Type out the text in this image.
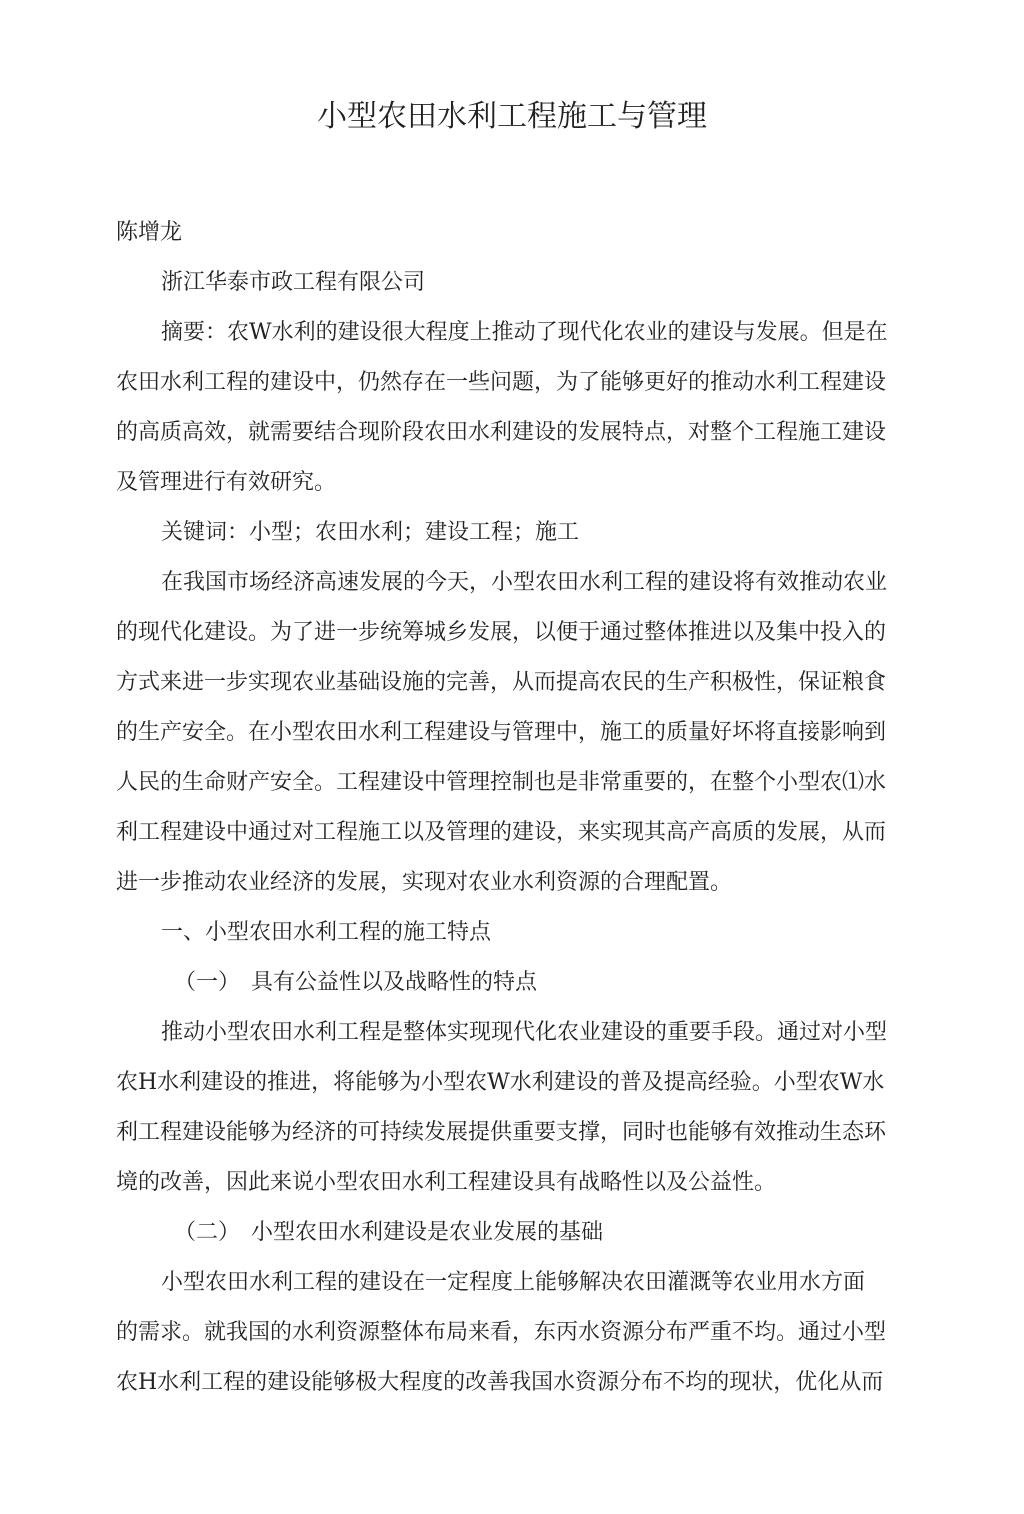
小型农田水利工程施工与管理

陈增龙

浙江华泰市政工程有限公司

摘要：农W水利的建设很大程度上推动了现代化农业的建设与发展。但是在

农田水利工程的建设中，仍然存在一些问题，为了能够更好的推动水利工程建设

的高质高效，就需要结合现阶段农田水利建设的发展特点，对整个工程施工建设

及管理进行有效研究。

关键词：小型；农田水利；建设工程；施工

在我国市场经济高速发展的今天，小型农田水利工程的建设将有效推动农业

的现代化建设。为了进一步统筹城乡发展，以便于通过整体推进以及集中投入的

方式来进一步实现农业基础设施的完善，从而提高农民的生产积极性，保证粮食

的生产安全。在小型农田水利工程建设与管理中，施工的质量好坏将直接影响到

人民的生命财产安全。工程建设中管理控制也是非常重要的，在整个小型农⑴水

利工程建设中通过对工程施工以及管理的建设，来实现其高产高质的发展，从而

进一步推动农业经济的发展，实现对农业水利资源的合理配置。

一、小型农田水利工程的施工特点

（一）　具有公益性以及战略性的特点

推动小型农田水利工程是整体实现现代化农业建设的重要手段。通过对小型

农H水利建设的推进，将能够为小型农W水利建设的普及提高经验。小型农W水

利工程建设能够为经济的可持续发展提供重要支撑，同时也能够有效推动生态环

境的改善，因此来说小型农田水利工程建设具有战略性以及公益性。

（二）　小型农田水利建设是农业发展的基础

小型农田水利工程的建设在一定程度上能够解决农田灌溉等农业用水方面

的需求。就我国的水利资源整体布局来看，东丙水资源分布严重不均。通过小型

农H水利工程的建设能够极大程度的改善我国水资源分布不均的现状，优化从而
